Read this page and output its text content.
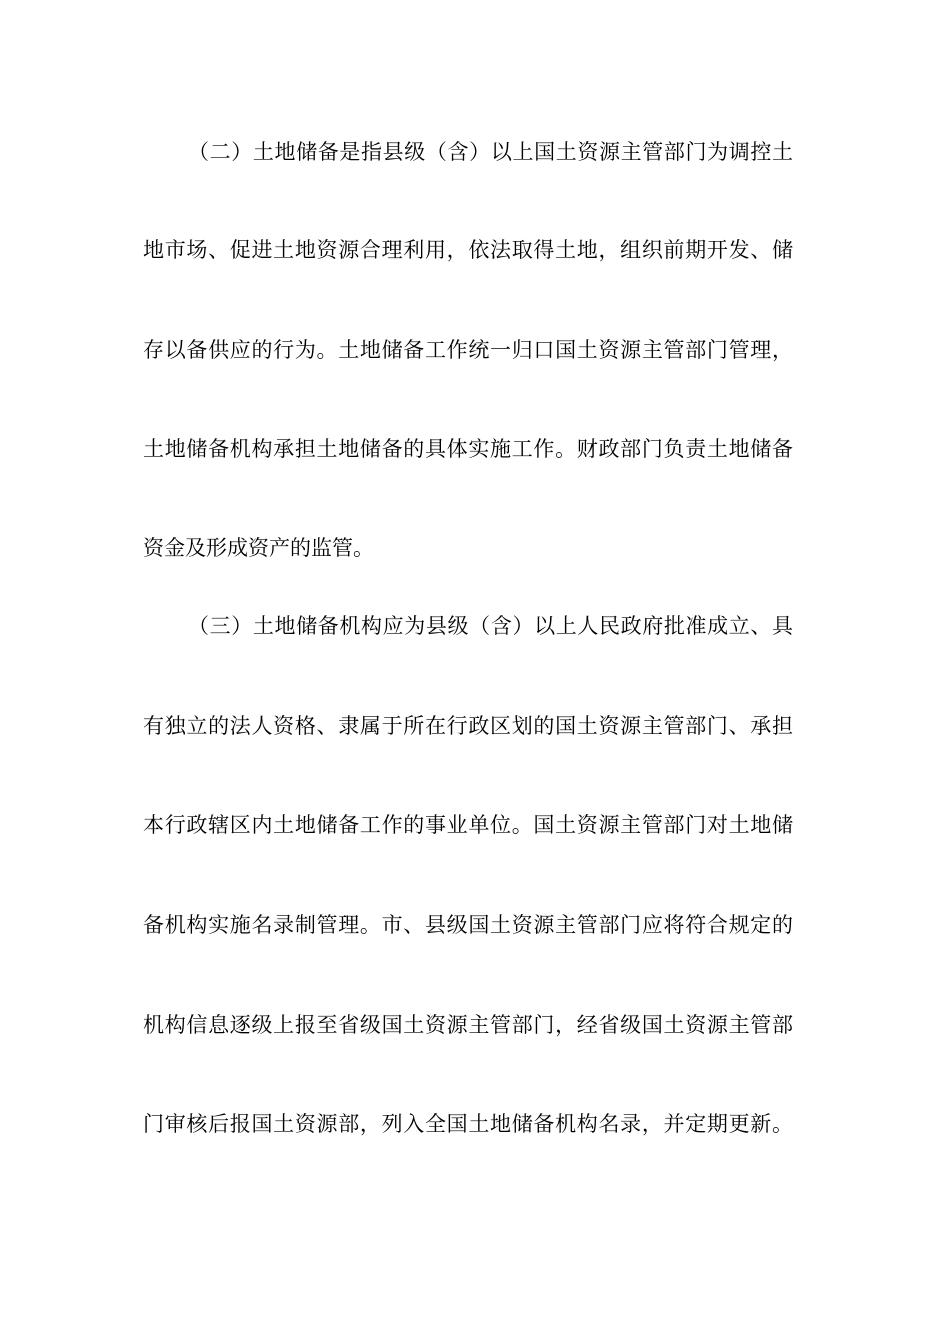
（二）土地储备是指县级（含）以上国土资源主管部门为调控土
地市场、促进土地资源合理利用，依法取得土地，组织前期开发、储
存以备供应的行为。土地储备工作统一归口国土资源主管部门管理，
土地储备机构承担土地储备的具体实施工作。财政部门负责土地储备
资金及形成资产的监管。
（三）土地储备机构应为县级（含）以上人民政府批准成立、具
有独立的法人资格、隶属于所在行政区划的国土资源主管部门、承担
本行政辖区内土地储备工作的事业单位。国土资源主管部门对土地储
备机构实施名录制管理。市、县级国土资源主管部门应将符合规定的
机构信息逐级上报至省级国土资源主管部门，经省级国土资源主管部
门审核后报国土资源部，列入全国土地储备机构名录，并定期更新。
